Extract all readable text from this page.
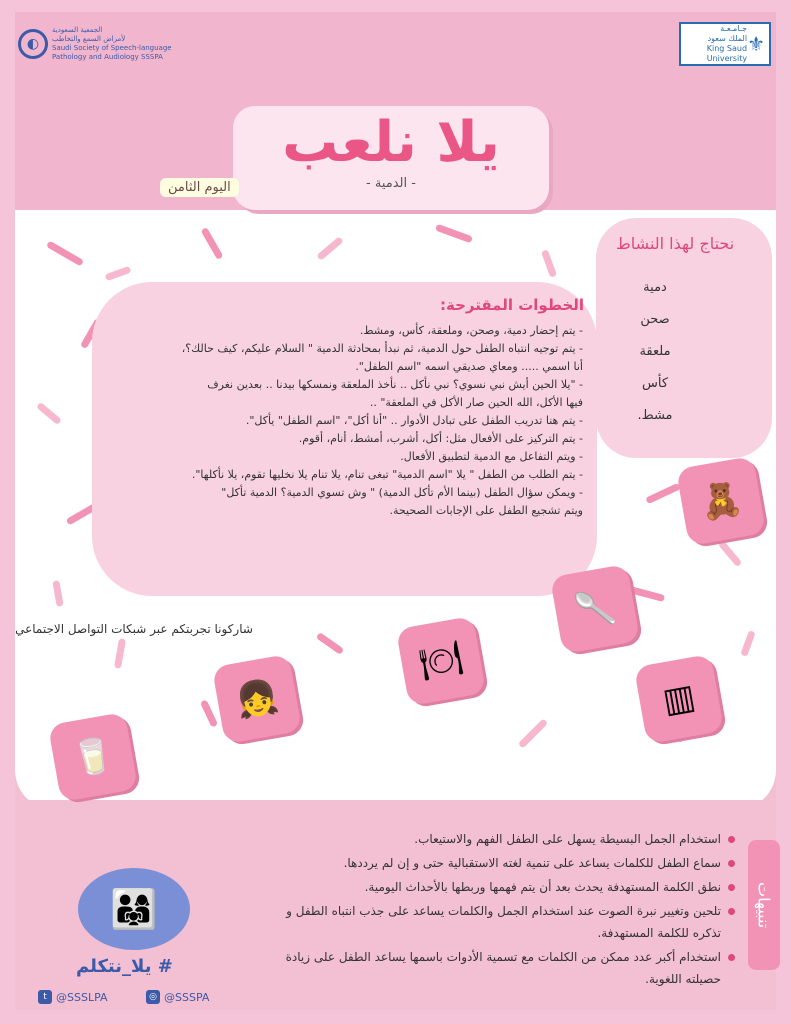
◐
الجمعية السعودية
لأمراض السمع والتخاطب
Saudi Society of Speech-language
Pathology and Audiology SSSPA
جـامـعـة
الملك سعود
King Saud University
⚜
يلا نلعب
- الدمية -
اليوم الثامن
نحتاج لهذا النشاط
دمية
صحن
ملعقة
كأس
مشط.
الخطوات المقترحة:
- يتم إحضار دمية، وصحن، وملعقة، كأس، ومشط.
- يتم توجيه انتباه الطفل حول الدمية، ثم نبدأ بمحادثة الدمية " السلام عليكم، كيف حالك؟،
أنا اسمي ..... ومعاي صديقي اسمه "اسم الطفل".
- "يلا الحين أيش نبي نسوي؟ نبي نأكل .. نأخذ الملعقة ونمسكها بيدنا .. بعدين نغرف
فيها الأكل، الله الحين صار الأكل في الملعقة" ..
- يتم هنا تدريب الطفل على تبادل الأدوار .. "أنا أكل"، "اسم الطفل" يأكل".
- يتم التركيز على الأفعال مثل: أكل، أشرب، أمشط، أنام، أقوم.
- ويتم التفاعل مع الدمية لتطبيق الأفعال.
- يتم الطلب من الطفل " يلا "اسم الدمية" تبغى تنام، يلا تنام يلا نخليها تقوم، يلا نأكلها".
- ويمكن سؤال الطفل (بينما الأم تأكل الدمية) " وش تسوي الدمية؟ الدمية تأكل"
ويتم تشجيع الطفل على الإجابات الصحيحة.
شاركونا تجربتكم عبر شبكات التواصل الاجتماعي
🧸
🥄
🍽
👧	▥
🥛
استخدام الجمل البسيطة يسهل على الطفل الفهم والاستيعاب.
سماع الطفل للكلمات يساعد على تنمية لغته الاستقبالية حتى و إن لم يرددها.
نطق الكلمة المستهدفة يحدث بعد أن يتم فهمها وربطها بالأحداث اليومية.
تلحين وتغيير نبرة الصوت عند استخدام الجمل والكلمات يساعد على جذب انتباه الطفل و تذكره للكلمة المستهدفة.
استخدام أكبر عدد ممكن من الكلمات مع تسمية الأدوات باسمها يساعد الطفل على زيادة حصيلته اللغوية.
تنبيهات
👨‍👩‍👧
# يلا_نتكلم
t @SSSLPA	◎ @SSSPA
